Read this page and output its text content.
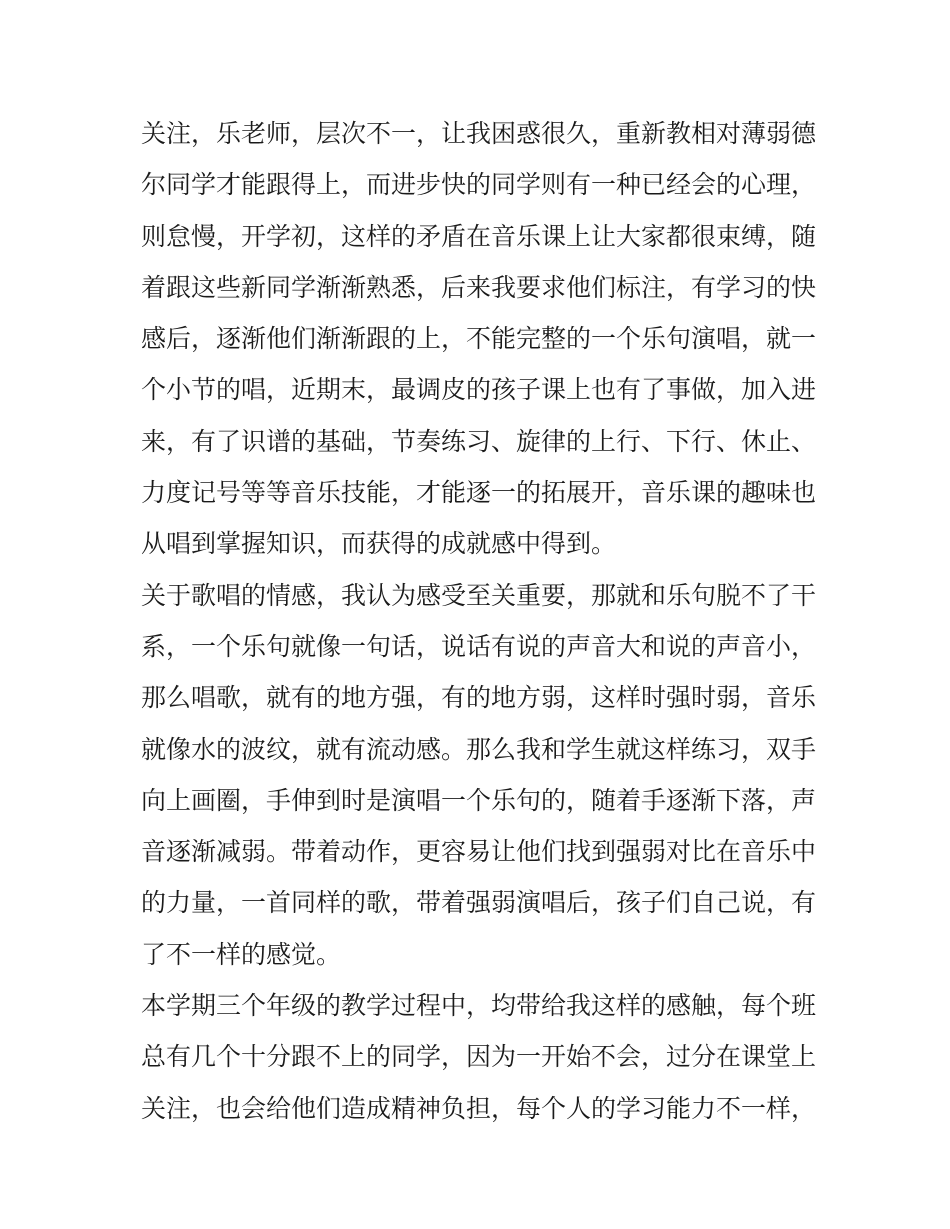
关注，乐老师，层次不一，让我困惑很久，重新教相对薄弱德
尔同学才能跟得上，而进步快的同学则有一种已经会的心理，
则怠慢，开学初，这样的矛盾在音乐课上让大家都很束缚，随
着跟这些新同学渐渐熟悉，后来我要求他们标注，有学习的快
感后，逐渐他们渐渐跟的上，不能完整的一个乐句演唱，就一
个小节的唱，近期末，最调皮的孩子课上也有了事做，加入进
来，有了识谱的基础，节奏练习、旋律的上行、下行、休止、
力度记号等等音乐技能，才能逐一的拓展开，音乐课的趣味也
从唱到掌握知识，而获得的成就感中得到。
关于歌唱的情感，我认为感受至关重要，那就和乐句脱不了干
系，一个乐句就像一句话，说话有说的声音大和说的声音小，
那么唱歌，就有的地方强，有的地方弱，这样时强时弱，音乐
就像水的波纹，就有流动感。那么我和学生就这样练习，双手
向上画圈，手伸到时是演唱一个乐句的，随着手逐渐下落，声
音逐渐减弱。带着动作，更容易让他们找到强弱对比在音乐中
的力量，一首同样的歌，带着强弱演唱后，孩子们自己说，有
了不一样的感觉。
本学期三个年级的教学过程中，均带给我这样的感触，每个班
总有几个十分跟不上的同学，因为一开始不会，过分在课堂上
关注，也会给他们造成精神负担，每个人的学习能力不一样，
